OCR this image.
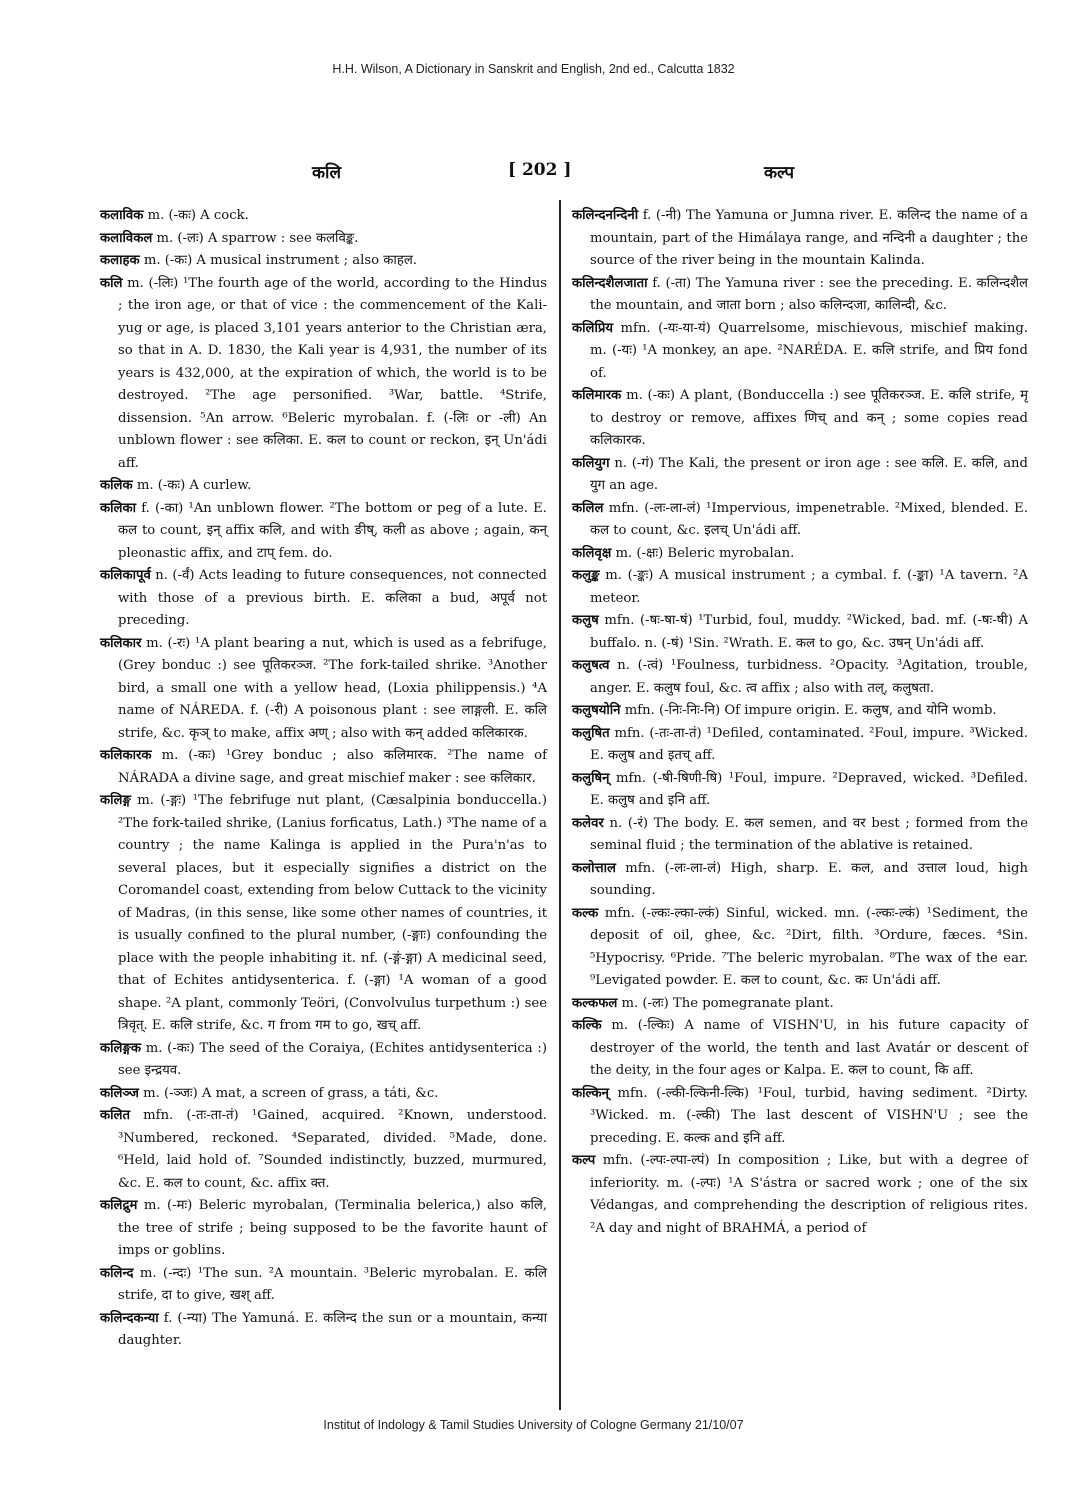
H.H. Wilson, A Dictionary in Sanskrit and English, 2nd ed., Calcutta 1832
कलि	[ 202 ]	कल्प
कलाविक m. (-कः) A cock.
कलाविकल m. (-लः) A sparrow : see कलविङ्क.
कलाहक m. (-कः) A musical instrument ; also काहल.
कलि m. (-लिः) ¹The fourth age of the world, according to the Hindus ; the iron age, or that of vice : the commencement of the Kali-yug or age, is placed 3,101 years anterior to the Christian æra, so that in A. D. 1830, the Kali year is 4,931, the number of its years is 432,000, at the expiration of which, the world is to be destroyed. ²The age personified. ³War, battle. ⁴Strife, dissension. ⁵An arrow. ⁶Beleric myrobalan. f. (-लिः or -ली) An unblown flower : see कलिका. E. कल to count or reckon, इन् Un'ádi aff.
कलिक m. (-कः) A curlew.
कलिका f. (-का) ¹An unblown flower. ²The bottom or peg of a lute. E. कल to count, इन् affix कलि, and with ङीष्, कली as above ; again, कन् pleonastic affix, and टाप् fem. do.
कलिकापूर्व n. (-र्वं) Acts leading to future consequences, not connected with those of a previous birth. E. कलिका a bud, अपूर्व not preceding.
कलिकार m. (-रः) ¹A plant bearing a nut, which is used as a febrifuge, (Grey bonduc :) see पूतिकरञ्ज. ²The fork-tailed shrike. ³Another bird, a small one with a yellow head, (Loxia philippensis.) ⁴A name of NÁREDA. f. (-री) A poisonous plant : see लाङ्गली. E. कलि strife, &c. कृञ् to make, affix अण् ; also with कन् added कलिकारक.
कलिकारक m. (-कः) ¹Grey bonduc ; also कलिमारक. ²The name of NÁRADA a divine sage, and great mischief maker : see कलिकार.
कलिङ्ग m. (-ङ्गः) ¹The febrifuge nut plant, (Cæsalpinia bonduccella.) ²The fork-tailed shrike, (Lanius forficatus, Lath.) ³The name of a country ; the name Kalinga is applied in the Pura'n'as to several places, but it especially signifies a district on the Coromandel coast, extending from below Cuttack to the vicinity of Madras, (in this sense, like some other names of countries, it is usually confined to the plural number, (-ङ्गाः) confounding the place with the people inhabiting it. nf. (-ङ्गं-ङ्गा) A medicinal seed, that of Echites antidysenterica. f. (-ङ्गा) ¹A woman of a good shape. ²A plant, commonly Teöri, (Convolvulus turpethum :) see त्रिवृत्. E. कलि strife, &c. ग from गम to go, खच् aff.
कलिङ्गक m. (-कः) The seed of the Coraiya, (Echites antidysenterica :) see इन्द्रयव.
कलिञ्ज m. (-ञ्जः) A mat, a screen of grass, a táti, &c.
कलित mfn. (-तः-ता-तं) ¹Gained, acquired. ²Known, understood. ³Numbered, reckoned. ⁴Separated, divided. ⁵Made, done. ⁶Held, laid hold of. ⁷Sounded indistinctly, buzzed, murmured, &c. E. कल to count, &c. affix क्त.
कलिद्रुम m. (-मः) Beleric myrobalan, (Terminalia belerica,) also कलि, the tree of strife ; being supposed to be the favorite haunt of imps or goblins.
कलिन्द m. (-न्दः) ¹The sun. ²A mountain. ³Beleric myrobalan. E. कलि strife, दा to give, खश् aff.
कलिन्दकन्या f. (-न्या) The Yamuná. E. कलिन्द the sun or a mountain, कन्या daughter.
कलिन्दनन्दिनी f. (-नी) The Yamuna or Jumna river. E. कलिन्द the name of a mountain, part of the Himálaya range, and नन्दिनी a daughter ; the source of the river being in the mountain Kalinda.
कलिन्दशैलजाता f. (-ता) The Yamuna river : see the preceding. E. कलिन्दशैल the mountain, and जाता born ; also कलिन्दजा, कालिन्दी, &c.
कलिप्रिय mfn. (-यः-या-यं) Quarrelsome, mischievous, mischief making. m. (-यः) ¹A monkey, an ape. ²NARÉDA. E. कलि strife, and प्रिय fond of.
कलिमारक m. (-कः) A plant, (Bonduccella :) see पूतिकरञ्ज. E. कलि strife, मृ to destroy or remove, affixes णिच् and कन् ; some copies read कलिकारक.
कलियुग n. (-गं) The Kali, the present or iron age : see कलि. E. कलि, and युग an age.
कलिल mfn. (-लः-ला-लं) ¹Impervious, impenetrable. ²Mixed, blended. E. कल to count, &c. इलच् Un'ádi aff.
कलिवृक्ष m. (-क्षः) Beleric myrobalan.
कलुङ्क m. (-ङ्कः) A musical instrument ; a cymbal. f. (-ङ्का) ¹A tavern. ²A meteor.
कलुष mfn. (-षः-षा-षं) ¹Turbid, foul, muddy. ²Wicked, bad. mf. (-षः-षी) A buffalo. n. (-षं) ¹Sin. ²Wrath. E. कल to go, &c. उषन् Un'ádi aff.
कलुषत्व n. (-त्वं) ¹Foulness, turbidness. ²Opacity. ³Agitation, trouble, anger. E. कलुष foul, &c. त्व affix ; also with तल्, कलुषता.
कलुषयोनि mfn. (-निः-निः-नि) Of impure origin. E. कलुष, and योनि womb.
कलुषित mfn. (-तः-ता-तं) ¹Defiled, contaminated. ²Foul, impure. ³Wicked. E. कलुष and इतच् aff.
कलुषिन् mfn. (-षी-षिणी-षि) ¹Foul, impure. ²Depraved, wicked. ³Defiled. E. कलुष and इनि aff.
कलेवर n. (-रं) The body. E. कल semen, and वर best ; formed from the seminal fluid ; the termination of the ablative is retained.
कलोत्ताल mfn. (-लः-ला-लं) High, sharp. E. कल, and उत्ताल loud, high sounding.
कल्क mfn. (-ल्कः-ल्का-ल्कं) Sinful, wicked. mn. (-ल्कः-ल्कं) ¹Sediment, the deposit of oil, ghee, &c. ²Dirt, filth. ³Ordure, fæces. ⁴Sin. ⁵Hypocrisy. ⁶Pride. ⁷The beleric myrobalan. ⁸The wax of the ear. ⁹Levigated powder. E. कल to count, &c. कः Un'ádi aff.
कल्कफल m. (-लः) The pomegranate plant.
कल्कि m. (-ल्किः) A name of VISHN'U, in his future capacity of destroyer of the world, the tenth and last Avatár or descent of the deity, in the four ages or Kalpa. E. कल to count, कि aff.
कल्किन् mfn. (-ल्की-ल्किनी-ल्कि) ¹Foul, turbid, having sediment. ²Dirty. ³Wicked. m. (-ल्की) The last descent of VISHN'U ; see the preceding. E. कल्क and इनि aff.
कल्प mfn. (-ल्पः-ल्पा-ल्पं) In composition ; Like, but with a degree of inferiority. m. (-ल्पः) ¹A S'ástra or sacred work ; one of the six Védangas, and comprehending the description of religious rites. ²A day and night of BRAHMÁ, a period of
Institut of Indology & Tamil Studies University of Cologne Germany 21/10/07
